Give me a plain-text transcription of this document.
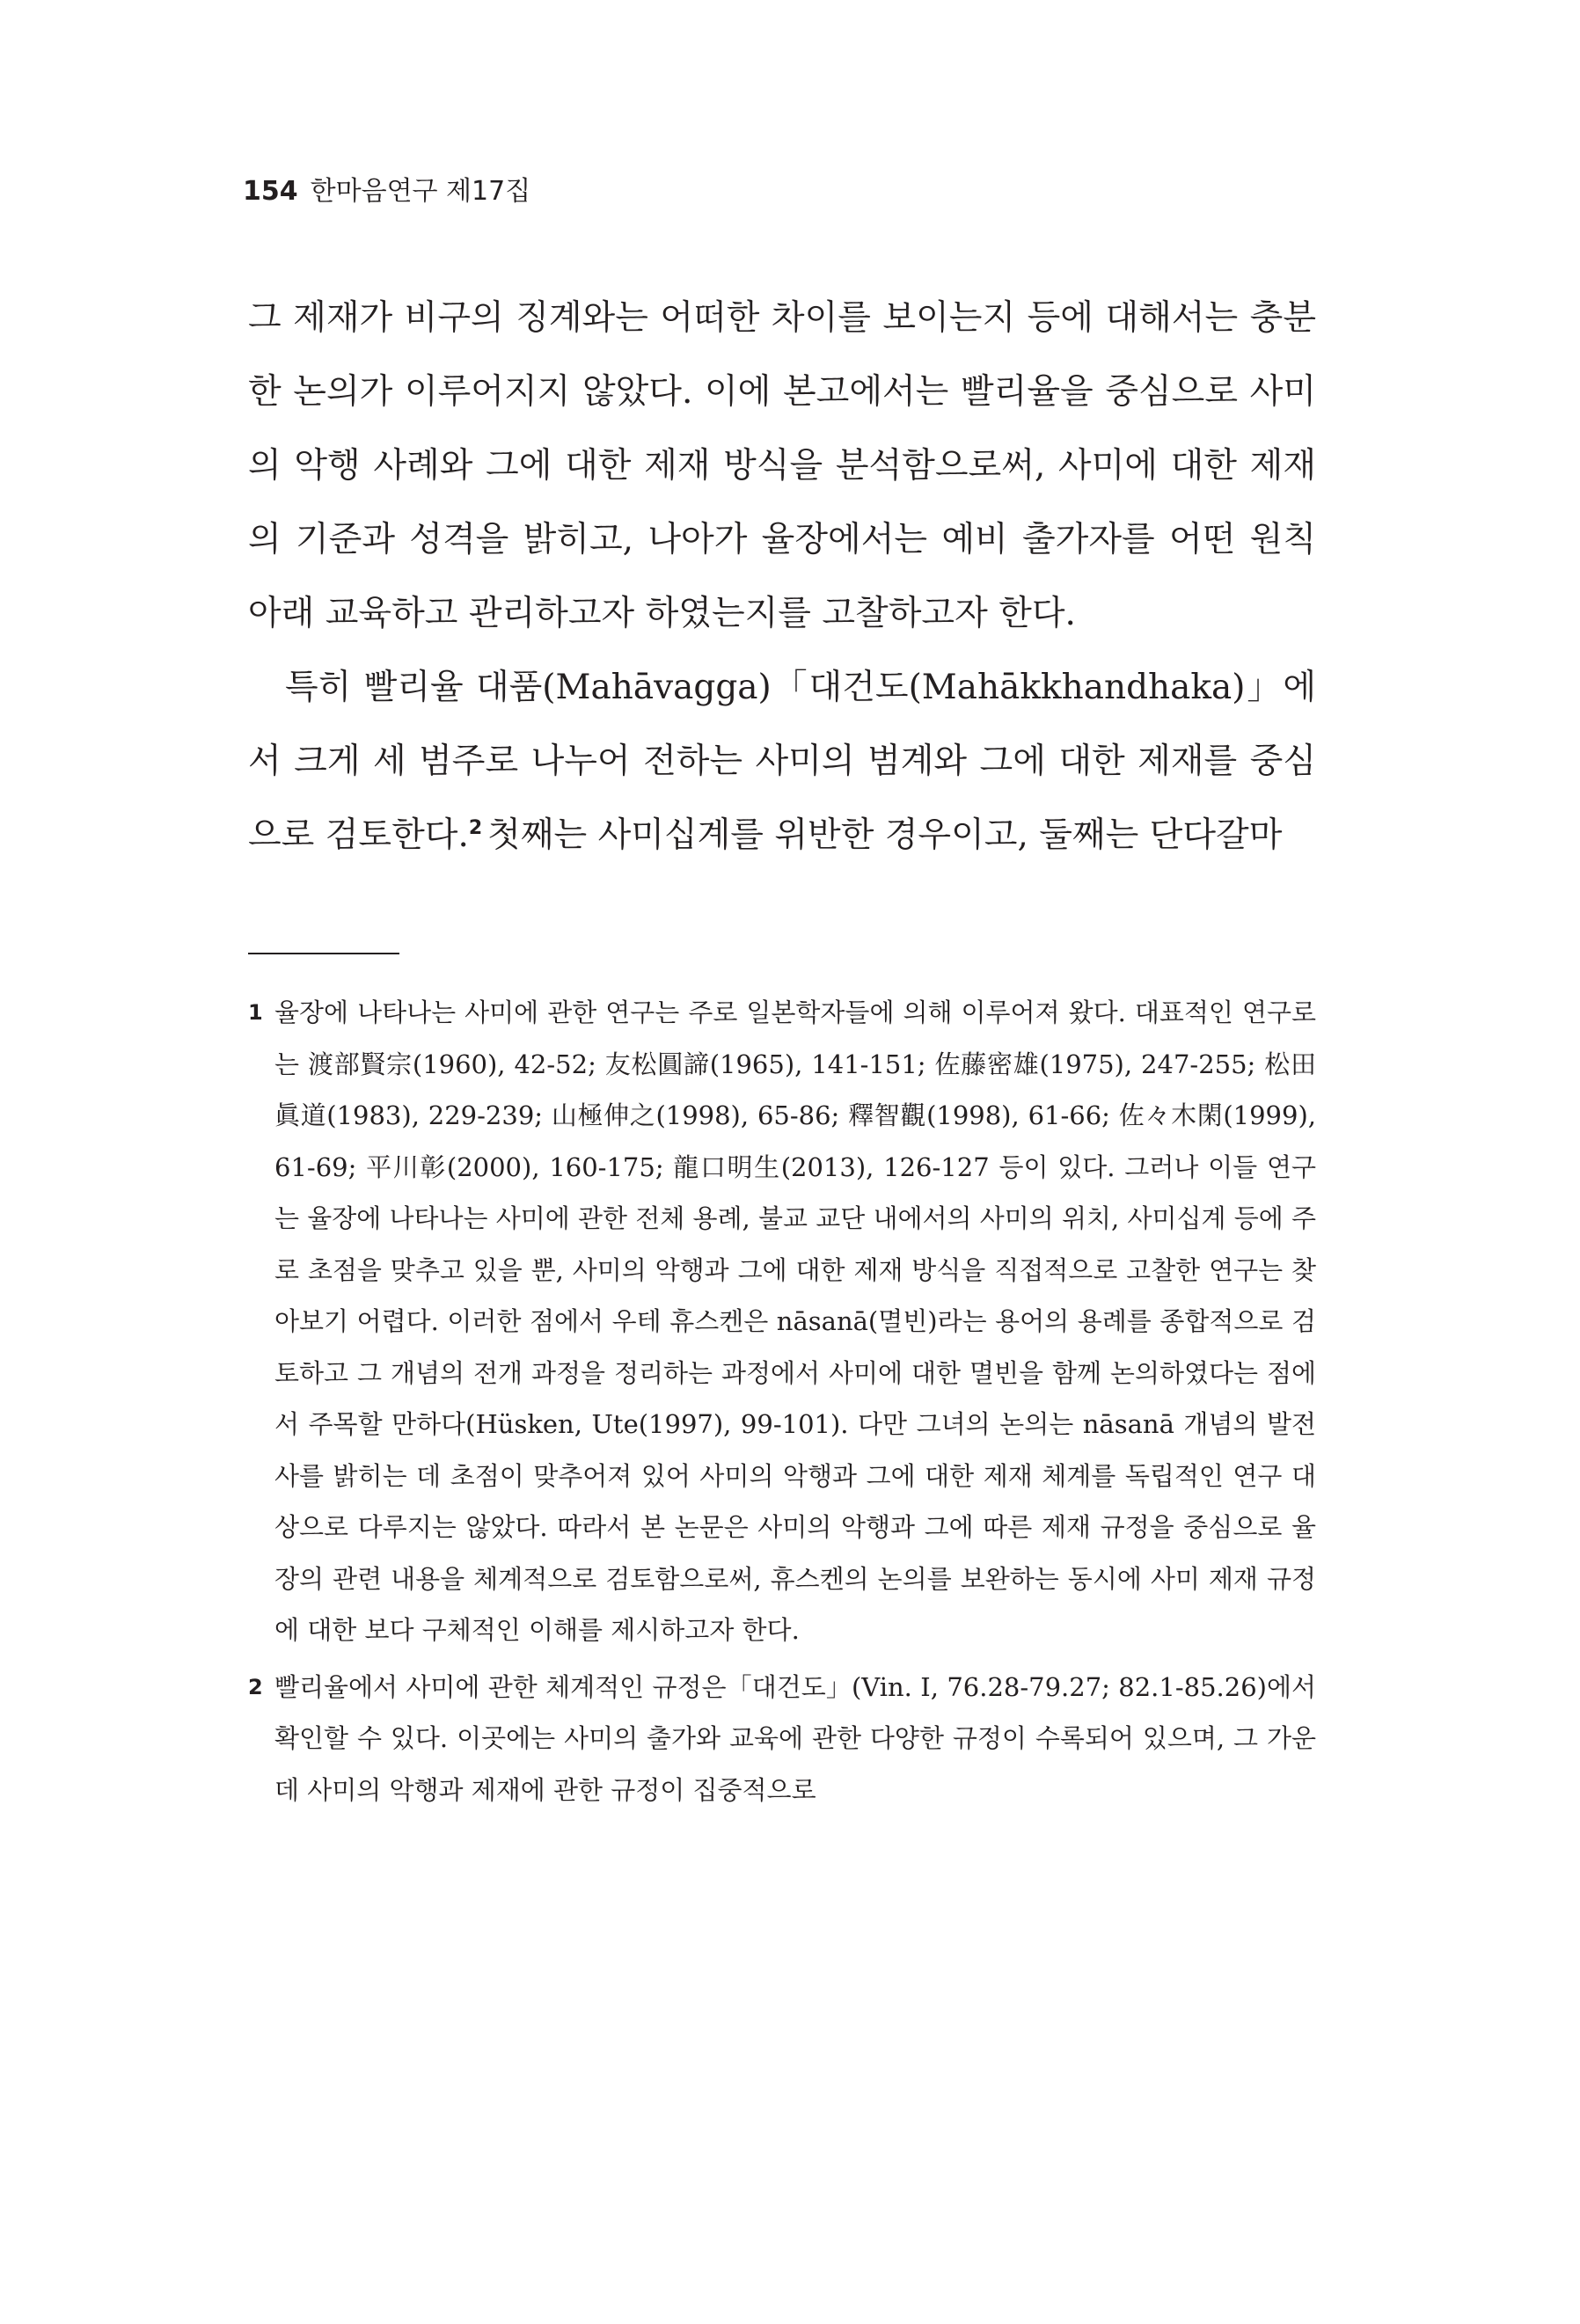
154 한마음연구 제17집

그 제재가 비구의 징계와는 어떠한 차이를 보이는지 등에 대해서는 충분한 논의가 이루어지지 않았다. 이에 본고에서는 빨리율을 중심으로 사미의 악행 사례와 그에 대한 제재 방식을 분석함으로써, 사미에 대한 제재의 기준과 성격을 밝히고, 나아가 율장에서는 예비 출가자를 어떤 원칙 아래 교육하고 관리하고자 하였는지를 고찰하고자 한다.

특히 빨리율 대품(Mahāvagga)「대건도(Mahākkhandhaka)」에서 크게 세 범주로 나누어 전하는 사미의 범계와 그에 대한 제재를 중심으로 검토한다.$^2$ 첫째는 사미십계를 위반한 경우이고, 둘째는 단다갈마

1 율장에 나타나는 사미에 관한 연구는 주로 일본학자들에 의해 이루어져 왔다. 대표적인 연구로는 渡部賢宗(1960), 42-52; 友松圓諦(1965), 141-151; 佐藤密雄(1975), 247-255; 松田眞道(1983), 229-239; 山極伸之(1998), 65-86; 釋智觀(1998), 61-66; 佐々木閑(1999), 61-69; 平川彰(2000), 160-175; 龍口明生(2013), 126-127 등이 있다. 그러나 이들 연구는 율장에 나타나는 사미에 관한 전체 용례, 불교 교단 내에서의 사미의 위치, 사미십계 등에 주로 초점을 맞추고 있을 뿐, 사미의 악행과 그에 대한 제재 방식을 직접적으로 고찰한 연구는 찾아보기 어렵다. 이러한 점에서 우테 휴스켄은 nāsanā(멸빈)라는 용어의 용례를 종합적으로 검토하고 그 개념의 전개 과정을 정리하는 과정에서 사미에 대한 멸빈을 함께 논의하였다는 점에서 주목할 만하다(Hüsken, Ute(1997), 99-101). 다만 그녀의 논의는 nāsanā 개념의 발전사를 밝히는 데 초점이 맞추어져 있어 사미의 악행과 그에 대한 제재 체계를 독립적인 연구 대상으로 다루지는 않았다. 따라서 본 논문은 사미의 악행과 그에 따른 제재 규정을 중심으로 율장의 관련 내용을 체계적으로 검토함으로써, 휴스켄의 논의를 보완하는 동시에 사미 제재 규정에 대한 보다 구체적인 이해를 제시하고자 한다.
2 빨리율에서 사미에 관한 체계적인 규정은「대건도」(Vin. Ⅰ, 76.28-79.27; 82.1-85.26)에서 확인할 수 있다. 이곳에는 사미의 출가와 교육에 관한 다양한 규정이 수록되어 있으며, 그 가운데 사미의 악행과 제재에 관한 규정이 집중적으로
